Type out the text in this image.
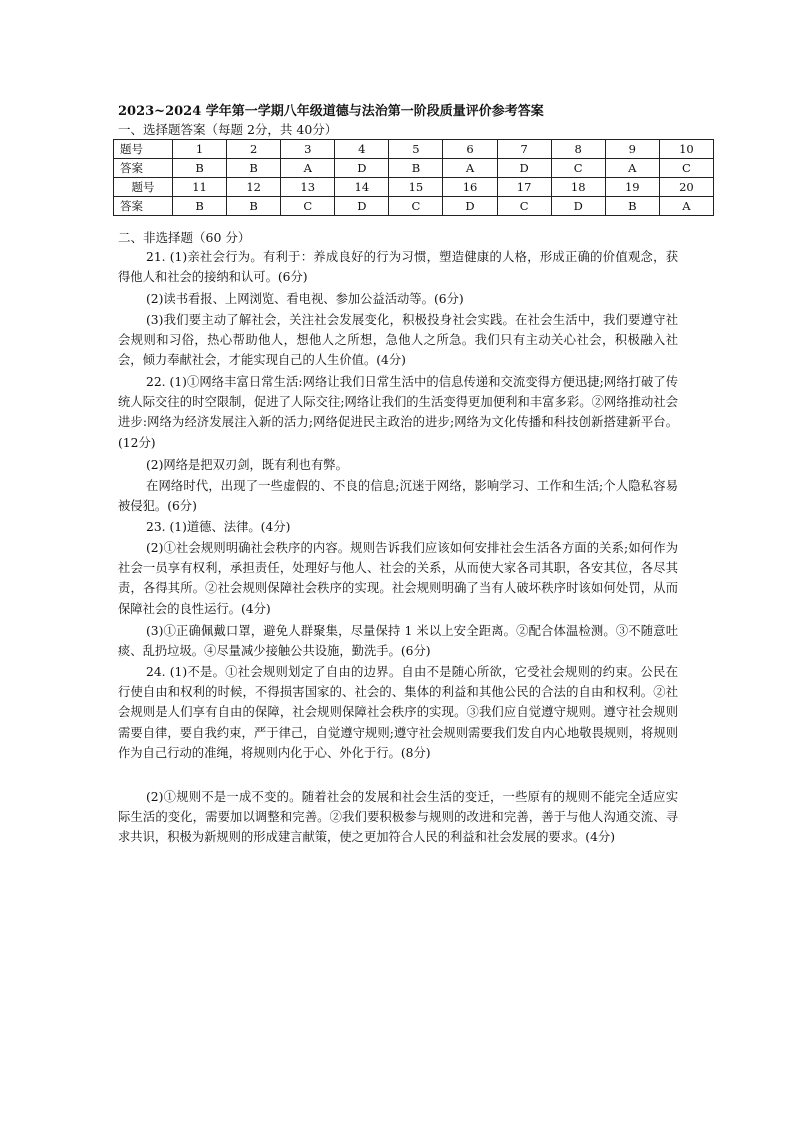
2023~2024 学年第一学期八年级道德与法治第一阶段质量评价参考答案
一、选择题答案（每题 2分，共 40分）
题号	1	2	3	4	5	6	7	8	9	10
答案	B	B	A	D	B	A	D	C	A	C
题号	11	12	13	14	15	16	17	18	19	20
答案	B	B	C	D	C	D	C	D	B	A
二、非选择题（60 分）

21. (1)亲社会行为。有利于：养成良好的行为习惯，塑造健康的人格，形成正确的价值观念，获得他人和社会的接纳和认可。(6分)

(2)读书看报、上网浏览、看电视、参加公益活动等。(6分)

(3)我们要主动了解社会，关注社会发展变化，积极投身社会实践。在社会生活中，我们要遵守社会规则和习俗，热心帮助他人，想他人之所想，急他人之所急。我们只有主动关心社会，积极融入社会，倾力奉献社会，才能实现自己的人生价值。(4分)

22. (1)①网络丰富日常生活:网络让我们日常生活中的信息传递和交流变得方便迅捷;网络打破了传统人际交往的时空限制，促进了人际交往;网络让我们的生活变得更加便利和丰富多彩。②网络推动社会进步:网络为经济发展注入新的活力;网络促进民主政治的进步;网络为文化传播和科技创新搭建新平台。(12分)

(2)网络是把双刃剑，既有利也有弊。

在网络时代，出现了一些虚假的、不良的信息;沉迷于网络，影响学习、工作和生活;个人隐私容易被侵犯。(6分)

23. (1)道德、法律。(4分)

(2)①社会规则明确社会秩序的内容。规则告诉我们应该如何安排社会生活各方面的关系;如何作为社会一员享有权利，承担责任，处理好与他人、社会的关系，从而使大家各司其职，各安其位，各尽其责，各得其所。②社会规则保障社会秩序的实现。社会规则明确了当有人破坏秩序时该如何处罚，从而保障社会的良性运行。(4分)

(3)①正确佩戴口罩，避免人群聚集，尽量保持 1 米以上安全距离。②配合体温检测。③不随意吐痰、乱扔垃圾。④尽量减少接触公共设施，勤洗手。(6分)

24. (1)不是。①社会规则划定了自由的边界。自由不是随心所欲，它受社会规则的约束。公民在行使自由和权利的时候，不得损害国家的、社会的、集体的利益和其他公民的合法的自由和权利。②社会规则是人们享有自由的保障，社会规则保障社会秩序的实现。③我们应自觉遵守规则。遵守社会规则需要自律，要自我约束，严于律己，自觉遵守规则;遵守社会规则需要我们发自内心地敬畏规则，将规则作为自己行动的准绳，将规则内化于心、外化于行。(8分)

(2)①规则不是一成不变的。随着社会的发展和社会生活的变迁，一些原有的规则不能完全适应实际生活的变化，需要加以调整和完善。②我们要积极参与规则的改进和完善，善于与他人沟通交流、寻求共识，积极为新规则的形成建言献策，使之更加符合人民的利益和社会发展的要求。(4分)
